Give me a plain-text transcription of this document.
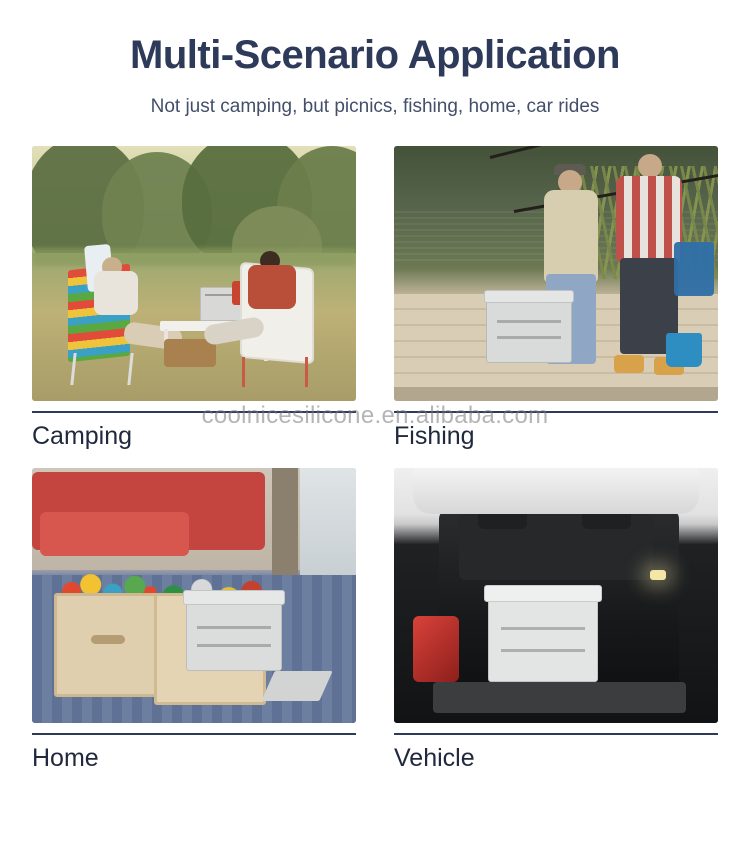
Multi-Scenario Application
Not just camping, but picnics, fishing, home, car rides
Camping	Fishing
Home	Vehicle
coolnicesilicone.en.alibaba.com
